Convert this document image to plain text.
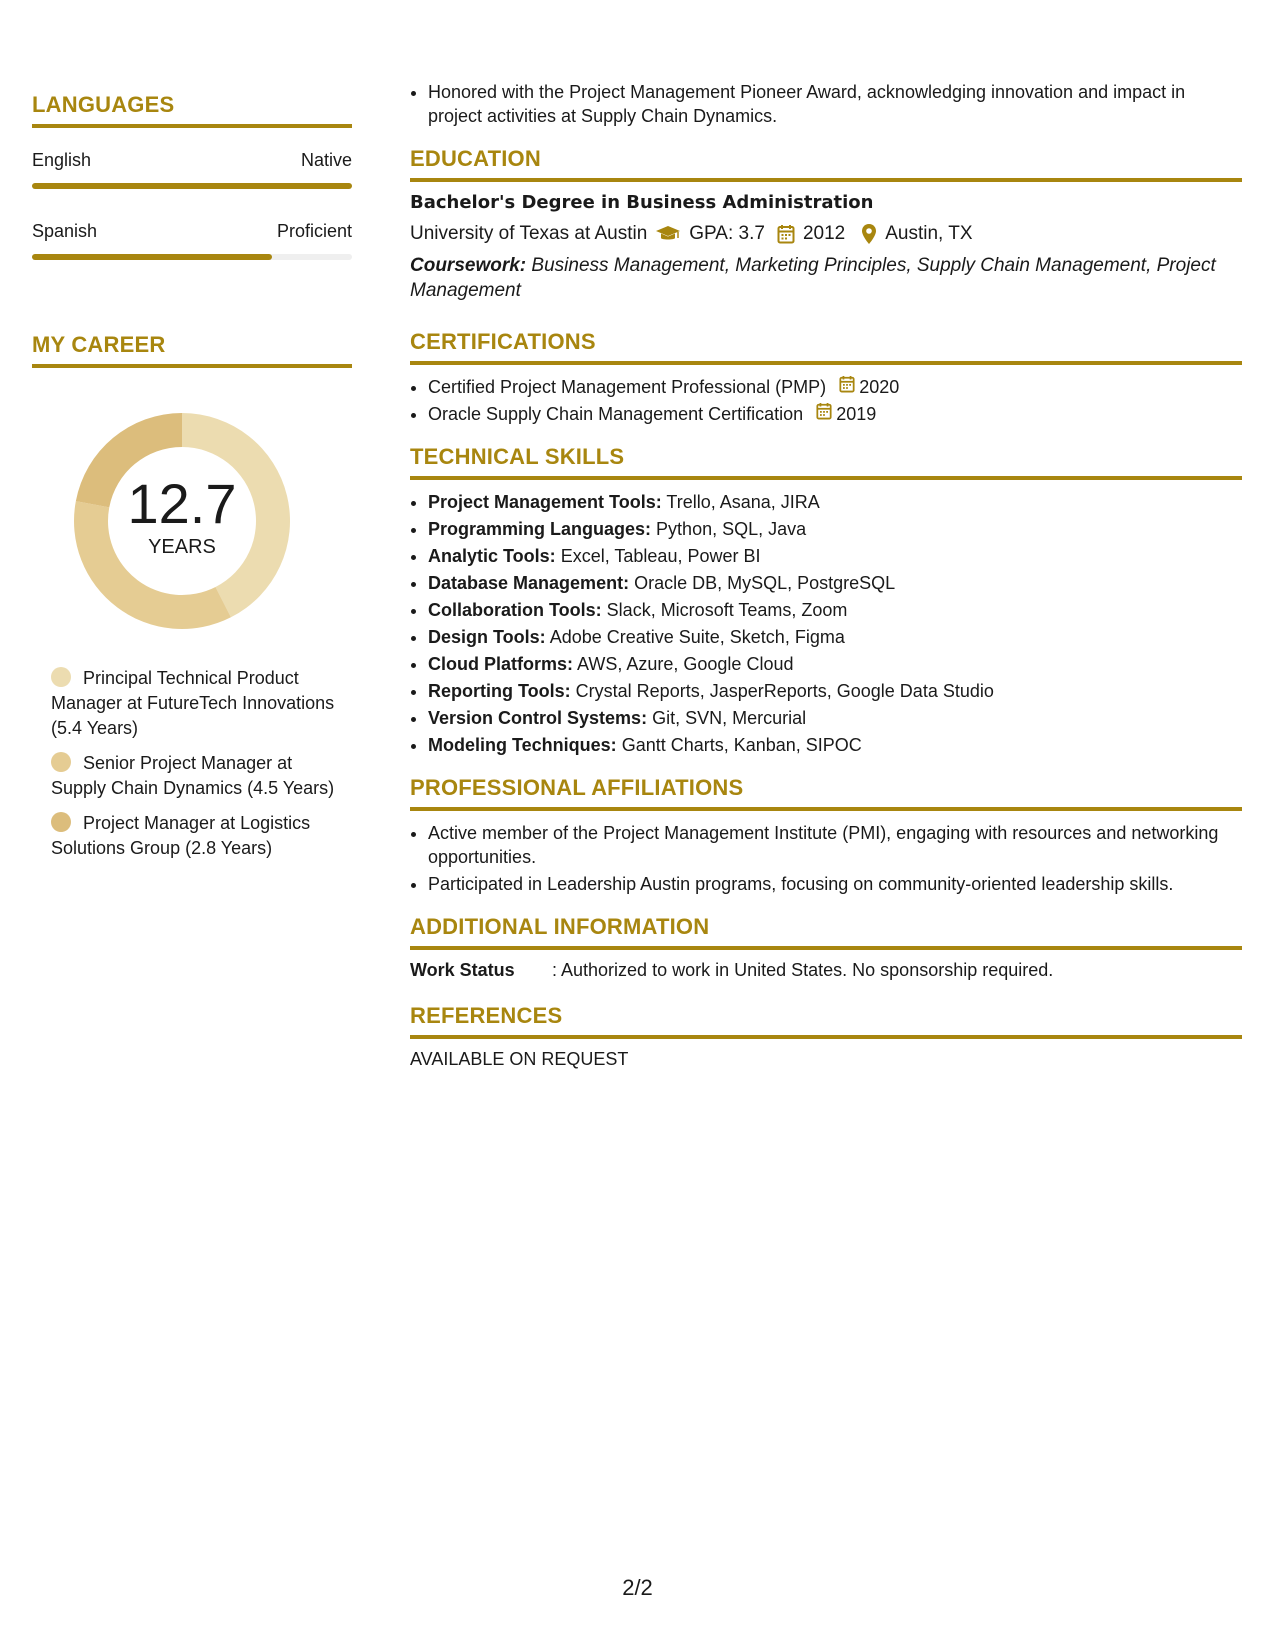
LANGUAGES
English	Native
Spanish	Proficient
MY CAREER
12.7
YEARS
Principal Technical Product Manager at FutureTech Innovations (5.4 Years)
Senior Project Manager at Supply Chain Dynamics (4.5 Years)
Project Manager at Logistics Solutions Group (2.8 Years)
• Honored with the Project Management Pioneer Award, acknowledging innovation and impact in project activities at Supply Chain Dynamics.
EDUCATION
Bachelor's Degree in Business Administration
University of Texas at Austin GPA: 3.7 2012 Austin, TX
Coursework: Business Management, Marketing Principles, Supply Chain Management, Project Management
CERTIFICATIONS
• Certified Project Management Professional (PMP) 2020
• Oracle Supply Chain Management Certification 2019
TECHNICAL SKILLS
• Project Management Tools: Trello, Asana, JIRA
• Programming Languages: Python, SQL, Java
• Analytic Tools: Excel, Tableau, Power BI
• Database Management: Oracle DB, MySQL, PostgreSQL
• Collaboration Tools: Slack, Microsoft Teams, Zoom
• Design Tools: Adobe Creative Suite, Sketch, Figma
• Cloud Platforms: AWS, Azure, Google Cloud
• Reporting Tools: Crystal Reports, JasperReports, Google Data Studio
• Version Control Systems: Git, SVN, Mercurial
• Modeling Techniques: Gantt Charts, Kanban, SIPOC
PROFESSIONAL AFFILIATIONS
• Active member of the Project Management Institute (PMI), engaging with resources and networking opportunities.
• Participated in Leadership Austin programs, focusing on community-oriented leadership skills.
ADDITIONAL INFORMATION
Work Status	: Authorized to work in United States. No sponsorship required.
REFERENCES
AVAILABLE ON REQUEST
2/2
